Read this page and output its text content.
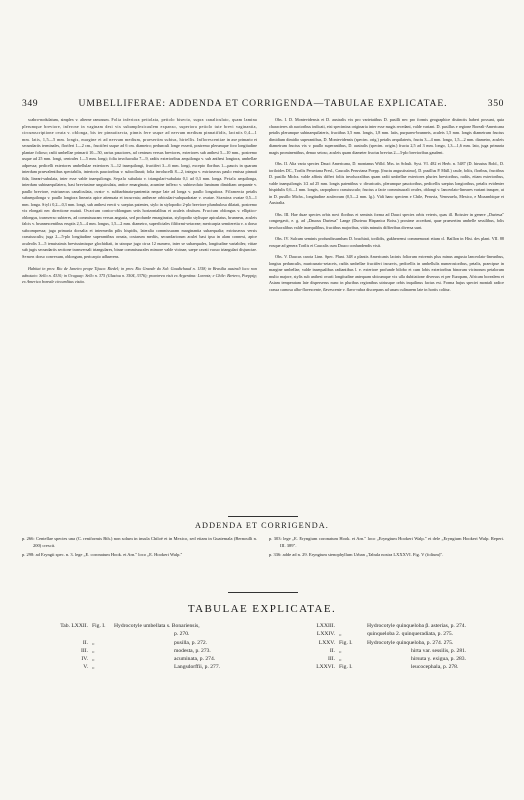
349	UMBELLIFERAE: ADDENDA ET CORRIGENDA—TABULAE EXPLICATAE.	350

scabro-nodulatum, simplex v. alterne ramosum. Folia inferiora petiolata, petiolo bisecto, supra canaliculato, quam lamina plerumque breviore, infercne in vaginam desi vix subamplexicaulem expanso, superiora petiolo tute brevi vaginantia, circumscriptione ovata v. oblonga, bis ter pinnatisecta, pinnis fere usque ad nervum medium pinnatifidis, laciniis 0,4—1 mm. latis, 1,5—5 mm. longis, margine et ad nervum medium, praesertim subtus, hirtellis. Inflorescentiae in axe primario et secundariis terminales, floriferi 1—2 cm., fructiferi usque ad 6 cm. diametro; pedunculi longe exserti, postremo plerumque foro longitudine plantae folioso; radii umbellae primarii 10—50, rarius pauciores, ad centrum versus breviores, exteriores sub anthesi 5—10 mm., postremo usque ad 25 mm. longi, centrales 1—5 mm. longi; folia involucralia 7—9, radiis exterioribus aequilonga v. sub anthesi longiora, umbellae adpressa; pedicelli exteriores umbellulae exteriores 3—12 inaequilongi, fructiferi 3—6 mm. longi, excepto floribus 1—paucis in quarum interdum praevalentibus spectabilis, interioris paucioribus v. subcollarati; folia involucelli 8—2, integra v. extriusecus paulo emissa pinnati fida, lineari-subulata, inter esse valde inaequilonga. Sepala subulata v. triangulari-subulata 0,1 ad 0,3 mm. longa. Petala aequilonga, interdum subinaequilatera, basi breviusime unguiculata, antice emarginata, acumine inflexo v. subinvoluto laminam dimidiam aequante v. paullo breviore, extriusecus canaliculata, ovato- v. subbarbinata-pantentia neque late ad longa v. paullo longutiora. Filamenta petalis subaequilonga v. paullo longiora linearia apice attenuata et incurvata; antherae orbiculari-subquadratae v. ovatae. Stamina ovatae 0,5—1 mm. longa. Styli 0,2—0,3 mm. longi, sub anthesi erecti v. saepius patentes, stylo in stylopodio 2-plo breviore plumbulosa dilatati, postremo vix elongati nec directione mutati. Ovarium conico-oblongum setis horizontalibus et aculeis obsitum. Fructum oblongus v. elliptico-oblongus, transverso subteres, ad commissuram versus angusta, sed profunde emarginatus, stylopodio stylisque apiculatus, brunneus, aculeis falcis v. brunnescentibus eruptis 2,5—4 mm. longus, 1,5—2 mm. diametro, superficiales filiformi-setaceae; mericarpia semiteretia v. a dorso subcompressa; juga primaria dorsalia et intermedia pilis hispidis, lateralia commissuram marginantia subaequalia; extriusecus versis crassiusculis; juga 2—5-plo longitudine superantibus ornata, costarum mediis, secundariorum aculei basi ipsa in alam connexi, apice aculeolis 3—5 tenuissimis breviusimisque glochidiati, in utroque jugo circa 12 numero, inter se subaequales, longitudine variabiles; vittae sub jugis secundariis sectione transversali triangulares, binae commissurales mimore valde vicinae, saepe cavati vacuo triangulari disjunctae. Semen dorso convexum, oblongum, pericarpio adhaerens.

Habitat in prov. Rio de Janeiro prope Tijuca: Riedel; in prov. Rio Grande do Sul: Gaudichaud n. 1158; in Brasilia australi loco non adnotato: Sello n. 4310; in Uruguay: Sello n. 375 (Glaziou n. 3504, 3376); praeterea visit ex Argentina: Lorentz; e Chile: Bertero, Poeppig; ex America boreale circumlitus visita.

Obs. I. D. Montevidensis et D. australis vix pro varietatibus D. pusilli nec pro formis geographice distinctis haberi possunt, quia characteres ab auctoribus indicati, etsi specimina originaria inter esse magis recedant, valde variant. D. pusillus e regione Boreali-Americana petalis plerumque subinaequilateris, fructibus 3,5 mm. longis, 1,8 mm. latis, purpureo-brunneis, aculeis 1,5 mm. longis diametrum fructus dimidium dimidio superantibus, D. Montevidensis (specim. orig.) petalis aequilateris, fructu 3—4 mm. longo, 1,5—2 mm. diametro, aculeis diametrum fructus vix v. paullo superantibus, D. australis (specim. origin.) fructu 2,5 ad 3 mm. longo, 1,3—1,6 mm. lato, juga primaria magis prominentibus, denuo setoso, aculeis quam diameter fructus brevius 2—3-plo brevioribus gaudent.

Obs. II. Alia varia species Dauci Americana, D. montanus Willd. Mss. in Schult. Syst. VI. 482 et Herb. n. 5487 (D. hirsutus Bold., D. toriloides DC., Torilis Peruviana Presl., Caucalis Peruviana Poepp. [fructu angustissimo], D. pusillus P. Müll.) caule, foliis, floribus, fructibus D. pusillo Michx. valde affinis differt foliis involucralibus quam radii umbellae exteriores pluries brevioribus, radiis, etiam exterioribus, valde inaequilongis 1/2 ad 25 mm. longis patentibus v. divaricatis, plerumque paucioribus, pedicellis saepius longioribus, petalis evidenter hispidulis 0,6—1 mm. longis, carpophoro crassiusculo; fructus a facie commissurali ovales, oblongi v. lanceolato-lineares variant insuper, ut in D. pusillo Michx., longitudine aculeorum (0,5—2 mm. lg.). Vidi hanc speciem e Chile, Peruvia, Venezuela, Mexico, e Mozambique et Australia.

Obs. III. Hae duae species orbis novi floribus et seminis forma ad Dauci species orbis veteris, quas ill. Boissier in genere „Durieua" congregavit, e. g. ad „Daucus Durieua" Lange (Durieua Hispanica Boiss.) proxime accedunt, quae praesertim umbelle sessilibus, folis involucralibus valde inaequilibus, fructibus majoribus, vittis minutis diffieribus diversa sunt.

Obs. IV. Sulcum seminis profundissumlum D. brachiati, torilidis, gukherrensi commemorat etiam cl. Baillon in Hist. des plant. VII. 88 eosque ad genera Torilis et Caucalis cum Dauco confundendis visit.

Obs. V. Daucus carota Linn. Spec. Plant. 348 a plantis Americanis lacinis foliorum extremis plus minus angusta lanceolato-linearibus, longius pedunculis, muricunato-setaceis, radiis umbellae fructiferi incurvis, pedicellis in umbellulis numerosioribus, petalis, praecipue in margine umbellae, valde inaequalibus radiantibus l. e. exteriore profunde bilobo et cum lobis exterioribus binorum vicinorum petalorum multo majore, stylis sub anthesi ovarii longitudine antequam ubicumque vix ulla dubitatione diversus et per Europam, Africam borealem et Asiam temperatam late disperserus nunc in pluribus regionibus utriusque orbis inquilinus factus est. Forma hujus speciei montali radice crassa carnosa albo-flavescente, flavescente v. flavo-rubra discrepans ad usum culinarem late in hortis colitur.

ADDENDA ET CORRIGENDA.

p. 266: Centellae species una (C. reniformis Bth.) non solum in insula Chiloë et in Mexico, sed etiam in Guatemala (Bernoulli n. 200) crescit.

p. 298: ad Eryngii spec. n. 3. lege „E. coronatum Hook. et Arn." loco „E. Hookeri Walp."

p. 303: lege „E. Eryngium coronatum Hook. et Arn." loco „Eryngium Hookeri Walp." et dele „Eryngium Hookeri Walp. Repert. III. 389".

p. 336: adde ad n. 29. Eryngium stenophyllum Urban „Tabula nostra LXXXVI. Fig. V (folium)".

TABULAE EXPLICATAE.
Tab. LXXII. Fig. I.	Hydrocotyle umbellata s. Bonariensis,
p. 270.
II. „	pusilla, p. 272.
III. „	modesta, p. 273.
IV. „	acuminata, p. 274.
V. „	Langsdorffii, p. 277.
LXXIII.	Hydrocotyle quinqueloba β. asterias, p. 274.
LXXIV. „	quinqueloba 2. quinqueradiata, p. 275.
LXXV. Fig. I.	Hydrocotyle quinqueloba, p. 274. 275.
II. „	hirta var. sessilis, p. 281.
III. „	hirsuta γ. exigua, p. 283.
LXXVI. Fig. I.	leucocephala, p. 278.
